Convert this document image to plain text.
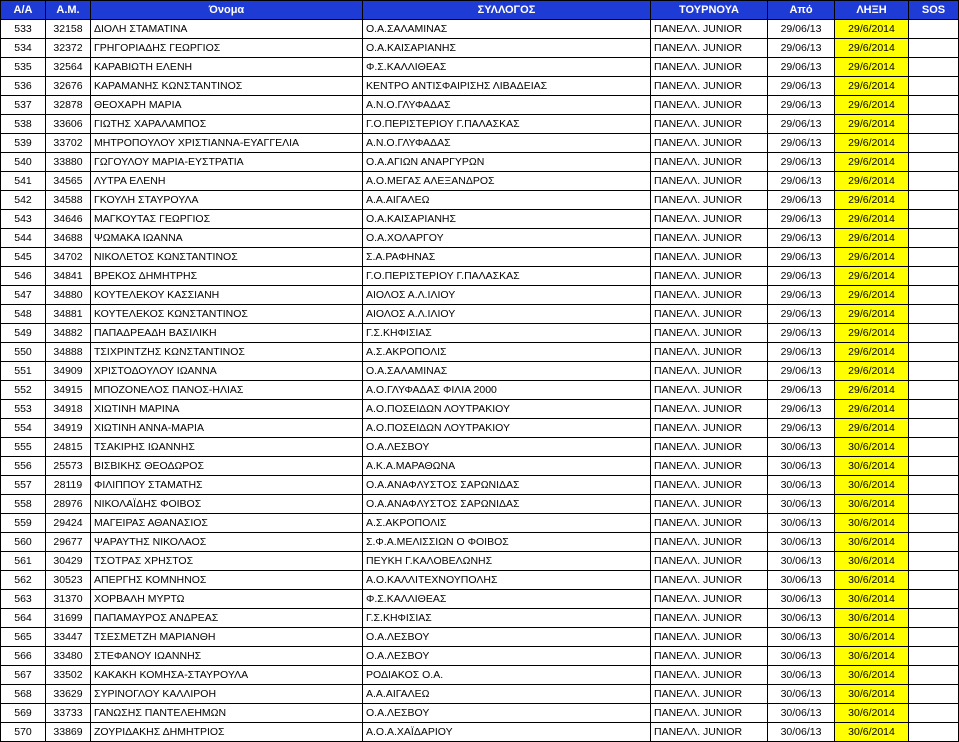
Α/Α	Α.Μ.	Όνομα	ΣΥΛΛΟΓΟΣ	ΤΟΥΡΝΟΥΑ	Από	ΛΗΞΗ	SOS
533	32158	ΔΙΟΛΗ ΣΤΑΜΑΤΙΝΑ	Ο.Α.ΣΑΛΑΜΙΝΑΣ	ΠΑΝΕΛΛ. JUNIOR	29/06/13	29/6/2014	
534	32372	ΓΡΗΓΟΡΙΑΔΗΣ ΓΕΩΡΓΙΟΣ	Ο.Α.ΚΑΙΣΑΡΙΑΝΗΣ	ΠΑΝΕΛΛ. JUNIOR	29/06/13	29/6/2014	
535	32564	ΚΑΡΑΒΙΩΤΗ ΕΛΕΝΗ	Φ.Σ.ΚΑΛΛΙΘΕΑΣ	ΠΑΝΕΛΛ. JUNIOR	29/06/13	29/6/2014	
536	32676	ΚΑΡΑΜΑΝΗΣ ΚΩΝΣΤΑΝΤΙΝΟΣ	ΚΕΝΤΡΟ ΑΝΤΙΣΦΑΙΡΙΣΗΣ ΛΙΒΑΔΕΙΑΣ	ΠΑΝΕΛΛ. JUNIOR	29/06/13	29/6/2014	
537	32878	ΘΕΟΧΑΡΗ ΜΑΡΙΑ	Α.Ν.Ο.ΓΛΥΦΑΔΑΣ	ΠΑΝΕΛΛ. JUNIOR	29/06/13	29/6/2014	
538	33606	ΓΙΩΤΗΣ ΧΑΡΑΛΑΜΠΟΣ	Γ.Ο.ΠΕΡΙΣΤΕΡΙΟΥ Γ.ΠΑΛΑΣΚΑΣ	ΠΑΝΕΛΛ. JUNIOR	29/06/13	29/6/2014	
539	33702	ΜΗΤΡΟΠΟΥΛΟΥ ΧΡΙΣΤΙΑΝΝΑ-ΕΥΑΓΓΕΛΙΑ	Α.Ν.Ο.ΓΛΥΦΑΔΑΣ	ΠΑΝΕΛΛ. JUNIOR	29/06/13	29/6/2014	
540	33880	ΓΩΓΟΥΛΟΥ ΜΑΡΙΑ-ΕΥΣΤΡΑΤΙΑ	Ο.Α.ΑΓΙΩΝ ΑΝΑΡΓΥΡΩΝ	ΠΑΝΕΛΛ. JUNIOR	29/06/13	29/6/2014	
541	34565	ΛΥΤΡΑ ΕΛΕΝΗ	Α.Ο.ΜΕΓΑΣ ΑΛΕΞΑΝΔΡΟΣ	ΠΑΝΕΛΛ. JUNIOR	29/06/13	29/6/2014	
542	34588	ΓΚΟΥΛΗ ΣΤΑΥΡΟΥΛΑ	Α.Α.ΑΙΓΑΛΕΩ	ΠΑΝΕΛΛ. JUNIOR	29/06/13	29/6/2014	
543	34646	ΜΑΓΚΟΥΤΑΣ ΓΕΩΡΓΙΟΣ	Ο.Α.ΚΑΙΣΑΡΙΑΝΗΣ	ΠΑΝΕΛΛ. JUNIOR	29/06/13	29/6/2014	
544	34688	ΨΩΜΑΚΑ ΙΩΑΝΝΑ	Ο.Α.ΧΟΛΑΡΓΟΥ	ΠΑΝΕΛΛ. JUNIOR	29/06/13	29/6/2014	
545	34702	ΝΙΚΟΛΕΤΟΣ ΚΩΝΣΤΑΝΤΙΝΟΣ	Σ.Α.ΡΑΦΗΝΑΣ	ΠΑΝΕΛΛ. JUNIOR	29/06/13	29/6/2014	
546	34841	ΒΡΕΚΟΣ ΔΗΜΗΤΡΗΣ	Γ.Ο.ΠΕΡΙΣΤΕΡΙΟΥ Γ.ΠΑΛΑΣΚΑΣ	ΠΑΝΕΛΛ. JUNIOR	29/06/13	29/6/2014	
547	34880	ΚΟΥΤΕΛΕΚΟΥ ΚΑΣΣΙΑΝΗ	ΑΙΟΛΟΣ Α.Λ.ΙΛΙΟΥ	ΠΑΝΕΛΛ. JUNIOR	29/06/13	29/6/2014	
548	34881	ΚΟΥΤΕΛΕΚΟΣ ΚΩΝΣΤΑΝΤΙΝΟΣ	ΑΙΟΛΟΣ Α.Λ.ΙΛΙΟΥ	ΠΑΝΕΛΛ. JUNIOR	29/06/13	29/6/2014	
549	34882	ΠΑΠΑΔΡΕΑΔΗ ΒΑΣΙΛΙΚΗ	Γ.Σ.ΚΗΦΙΣΙΑΣ	ΠΑΝΕΛΛ. JUNIOR	29/06/13	29/6/2014	
550	34888	ΤΣΙΧΡΙΝΤΖΗΣ ΚΩΝΣΤΑΝΤΙΝΟΣ	Α.Σ.ΑΚΡΟΠΟΛΙΣ	ΠΑΝΕΛΛ. JUNIOR	29/06/13	29/6/2014	
551	34909	ΧΡΙΣΤΟΔΟΥΛΟΥ ΙΩΑΝΝΑ	Ο.Α.ΣΑΛΑΜΙΝΑΣ	ΠΑΝΕΛΛ. JUNIOR	29/06/13	29/6/2014	
552	34915	ΜΠΟΖΟΝΕΛΟΣ ΠΑΝΟΣ-ΗΛΙΑΣ	Α.Ο.ΓΛΥΦΑΔΑΣ ΦΙΛΙΑ 2000	ΠΑΝΕΛΛ. JUNIOR	29/06/13	29/6/2014	
553	34918	ΧΙΩΤΙΝΗ ΜΑΡΙΝΑ	Α.Ο.ΠΟΣΕΙΔΩΝ ΛΟΥΤΡΑΚΙΟΥ	ΠΑΝΕΛΛ. JUNIOR	29/06/13	29/6/2014	
554	34919	ΧΙΩΤΙΝΗ ΑΝΝΑ-ΜΑΡΙΑ	Α.Ο.ΠΟΣΕΙΔΩΝ ΛΟΥΤΡΑΚΙΟΥ	ΠΑΝΕΛΛ. JUNIOR	29/06/13	29/6/2014	
555	24815	ΤΣΑΚΙΡΗΣ ΙΩΑΝΝΗΣ	Ο.Α.ΛΕΣΒΟΥ	ΠΑΝΕΛΛ. JUNIOR	30/06/13	30/6/2014	
556	25573	ΒΙΣΒΙΚΗΣ ΘΕΟΔΩΡΟΣ	Α.Κ.Α.ΜΑΡΑΘΩΝΑ	ΠΑΝΕΛΛ. JUNIOR	30/06/13	30/6/2014	
557	28119	ΦΙΛΙΠΠΟΥ ΣΤΑΜΑΤΗΣ	Ο.Α.ΑΝΑΦΛΥΣΤΟΣ ΣΑΡΩΝΙΔΑΣ	ΠΑΝΕΛΛ. JUNIOR	30/06/13	30/6/2014	
558	28976	ΝΙΚΟΛΑΪΔΗΣ ΦΟΙΒΟΣ	Ο.Α.ΑΝΑΦΛΥΣΤΟΣ ΣΑΡΩΝΙΔΑΣ	ΠΑΝΕΛΛ. JUNIOR	30/06/13	30/6/2014	
559	29424	ΜΑΓΕΙΡΑΣ ΑΘΑΝΑΣΙΟΣ	Α.Σ.ΑΚΡΟΠΟΛΙΣ	ΠΑΝΕΛΛ. JUNIOR	30/06/13	30/6/2014	
560	29677	ΨΑΡΑΥΤΗΣ ΝΙΚΟΛΑΟΣ	Σ.Φ.Α.ΜΕΛΙΣΣΙΩΝ Ο ΦΟΙΒΟΣ	ΠΑΝΕΛΛ. JUNIOR	30/06/13	30/6/2014	
561	30429	ΤΣΟΤΡΑΣ ΧΡΗΣΤΟΣ	ΠΕΥΚΗ Γ.ΚΑΛΟΒΕΛΩΝΗΣ	ΠΑΝΕΛΛ. JUNIOR	30/06/13	30/6/2014	
562	30523	ΑΠΕΡΓΗΣ ΚΟΜΝΗΝΟΣ	Α.Ο.ΚΑΛΛΙΤΕΧΝΟΥΠΟΛΗΣ	ΠΑΝΕΛΛ. JUNIOR	30/06/13	30/6/2014	
563	31370	ΧΟΡΒΑΛΗ ΜΥΡΤΩ	Φ.Σ.ΚΑΛΛΙΘΕΑΣ	ΠΑΝΕΛΛ. JUNIOR	30/06/13	30/6/2014	
564	31699	ΠΑΠΑΜΑΥΡΟΣ ΑΝΔΡΕΑΣ	Γ.Σ.ΚΗΦΙΣΙΑΣ	ΠΑΝΕΛΛ. JUNIOR	30/06/13	30/6/2014	
565	33447	ΤΣΕΣΜΕΤΖΗ ΜΑΡΙΑΝΘΗ	Ο.Α.ΛΕΣΒΟΥ	ΠΑΝΕΛΛ. JUNIOR	30/06/13	30/6/2014	
566	33480	ΣΤΕΦΑΝΟΥ ΙΩΑΝΝΗΣ	Ο.Α.ΛΕΣΒΟΥ	ΠΑΝΕΛΛ. JUNIOR	30/06/13	30/6/2014	
567	33502	ΚΑΚΑΚΗ ΚΟΜΗΣΑ-ΣΤΑΥΡΟΥΛΑ	ΡΟΔΙΑΚΟΣ Ο.Α.	ΠΑΝΕΛΛ. JUNIOR	30/06/13	30/6/2014	
568	33629	ΣΥΡΙΝΟΓΛΟΥ ΚΑΛΛΙΡΟΗ	Α.Α.ΑΙΓΑΛΕΩ	ΠΑΝΕΛΛ. JUNIOR	30/06/13	30/6/2014	
569	33733	ΓΑΝΩΣΗΣ ΠΑΝΤΕΛΕΗΜΩΝ	Ο.Α.ΛΕΣΒΟΥ	ΠΑΝΕΛΛ. JUNIOR	30/06/13	30/6/2014	
570	33869	ΖΟΥΡΙΔΑΚΗΣ ΔΗΜΗΤΡΙΟΣ	Α.Ο.Α.ΧΑΪΔΑΡΙΟΥ	ΠΑΝΕΛΛ. JUNIOR	30/06/13	30/6/2014	
